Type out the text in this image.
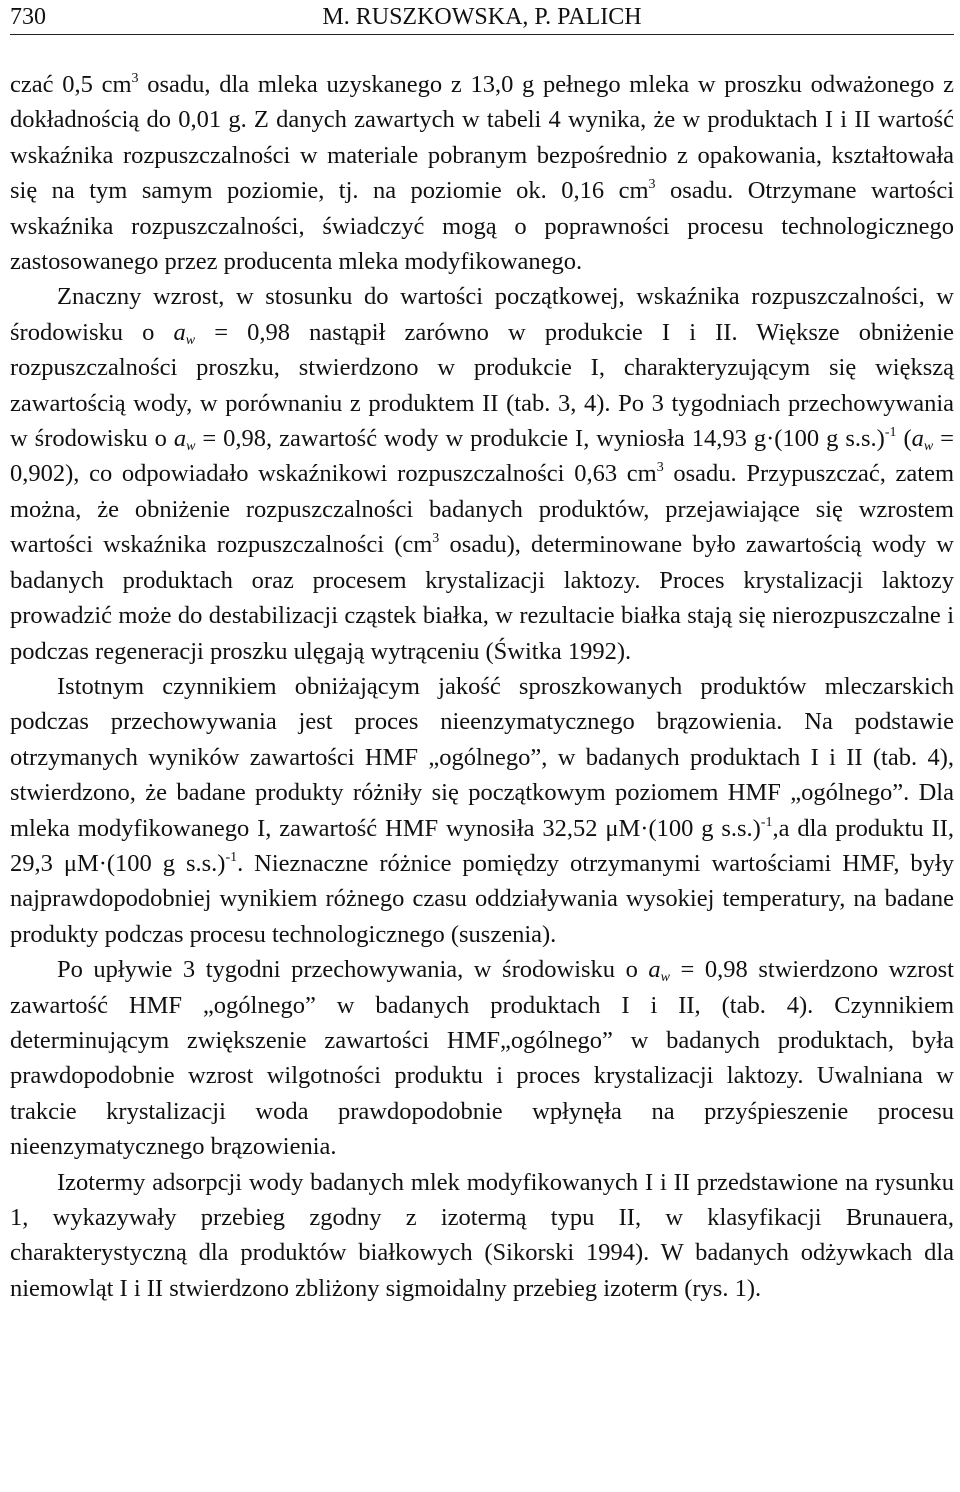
730	M. RUSZKOWSKA, P. PALICH

czać 0,5 $cm^3$ osadu, dla mleka uzyskanego z 13,0 g pełnego mleka w proszku odważonego z dokładnością do 0,01 g. Z danych zawartych w tabeli 4 wynika, że w produktach I i II wartość wskaźnika rozpuszczalności w materiale pobranym bezpośrednio z opakowania, kształtowała się na tym samym poziomie, tj. na poziomie ok. 0,16 $cm^3$ osadu. Otrzymane wartości wskaźnika rozpuszczalności, świadczyć mogą o poprawności procesu technologicznego zastosowanego przez producenta mleka modyfikowanego.

Znaczny wzrost, w stosunku do wartości początkowej, wskaźnika rozpuszczalności, w środowisku o $a_w = 0,98$ nastąpił zarówno w produkcie I i II. Większe obniżenie rozpuszczalności proszku, stwierdzono w produkcie I, charakteryzującym się większą zawartością wody, w porównaniu z produktem II (tab. 3, 4). Po 3 tygodniach przechowywania w środowisku o $a_w = 0,98$, zawartość wody w produkcie I, wyniosła 14,93 g·(100 g s.s.)$^{-1}$ $(a_w = 0,902)$, co odpowiadało wskaźnikowi rozpuszczalności 0,63 $cm^3$ osadu. Przypuszczać, zatem można, że obniżenie rozpuszczalności badanych produktów, przejawiające się wzrostem wartości wskaźnika rozpuszczalności ($cm^3$ osadu), determinowane było zawartością wody w badanych produktach oraz procesem krystalizacji laktozy. Proces krystalizacji laktozy prowadzić może do destabilizacji cząstek białka, w rezultacie białka stają się nierozpuszczalne i podczas regeneracji proszku ulęgają wytrąceniu (Świtka 1992).

Istotnym czynnikiem obniżającym jakość sproszkowanych produktów mleczarskich podczas przechowywania jest proces nieenzymatycznego brązowienia. Na podstawie otrzymanych wyników zawartości HMF „ogólnego”, w badanych produktach I i II (tab. 4), stwierdzono, że badane produkty różniły się początkowym poziomem HMF „ogólnego”. Dla mleka modyfikowanego I, zawartość HMF wynosiła 32,52 μM·(100 g s.s.)$^{-1}$,a dla produktu II, 29,3 μM·(100 g s.s.)$^{-1}$. Nieznaczne różnice pomiędzy otrzymanymi wartościami HMF, były najprawdopodobniej wynikiem różnego czasu oddziaływania wysokiej temperatury, na badane produkty podczas procesu technologicznego (suszenia).

Po upływie 3 tygodni przechowywania, w środowisku o $a_w = 0,98$ stwierdzono wzrost zawartość HMF „ogólnego” w badanych produktach I i II, (tab. 4). Czynnikiem determinującym zwiększenie zawartości HMF„ogólnego” w badanych produktach, była prawdopodobnie wzrost wilgotności produktu i proces krystalizacji laktozy. Uwalniana w trakcie krystalizacji woda prawdopodobnie wpłynęła na przyśpieszenie procesu nieenzymatycznego brązowienia.

Izotermy adsorpcji wody badanych mlek modyfikowanych I i II przedstawione na rysunku 1, wykazywały przebieg zgodny z izotermą typu II, w klasyfikacji Brunauera, charakterystyczną dla produktów białkowych (Sikorski 1994). W badanych odżywkach dla niemowląt I i II stwierdzono zbliżony sigmoidalny przebieg izoterm (rys. 1).
